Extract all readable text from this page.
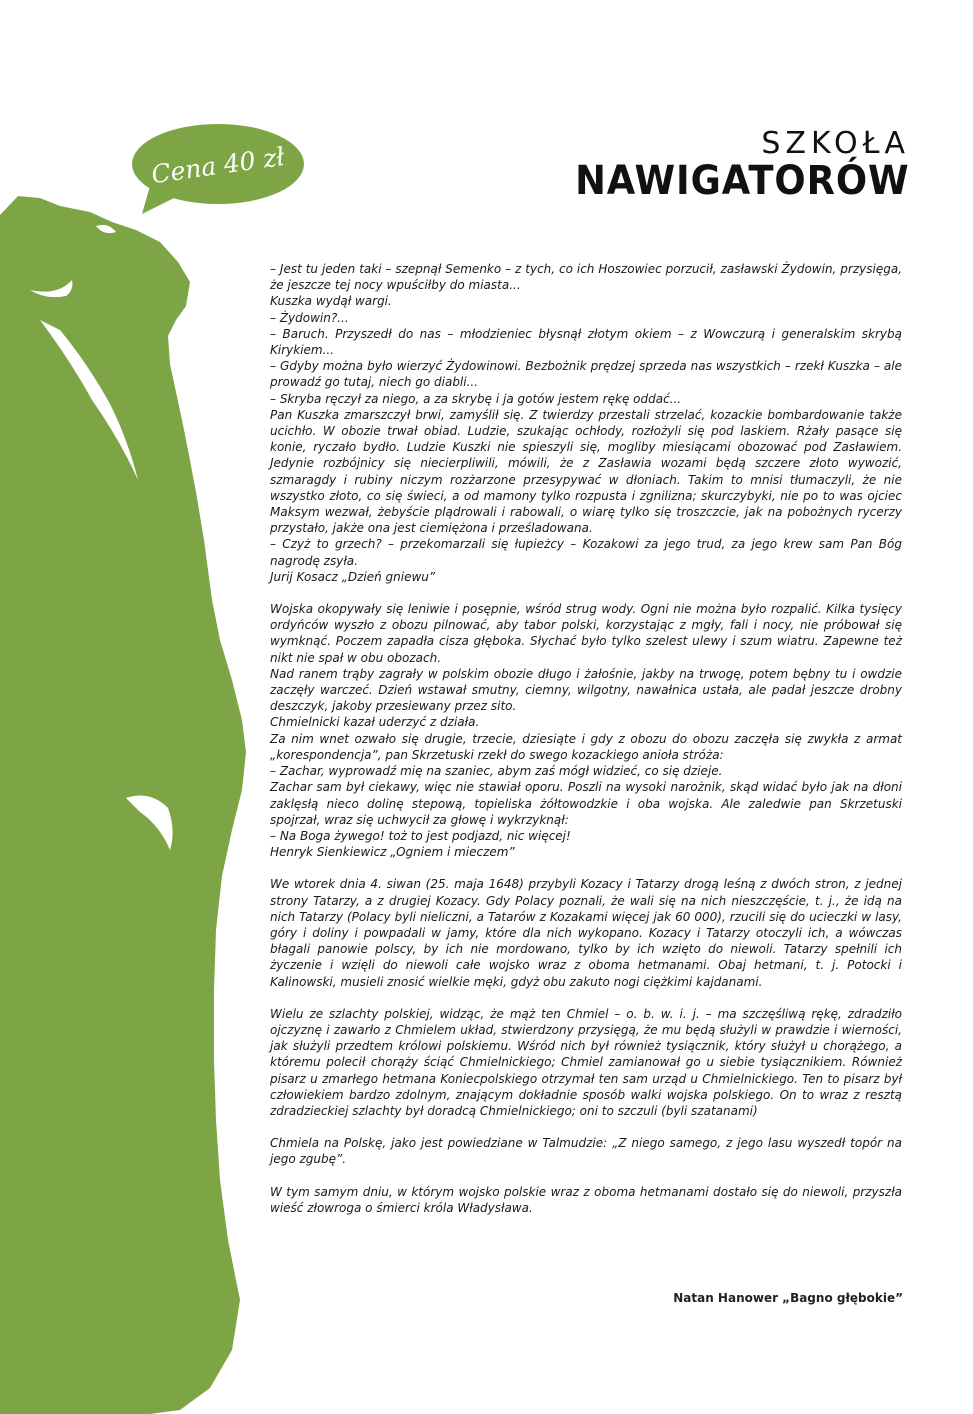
Cena 40 zł	SZKOŁA
NAWIGATORÓW

– Jest tu jeden taki – szepnął Semenko – z tych, co ich Hoszowiec porzucił, zasławski Żydowin, przysięga, że jeszcze tej nocy wpuściłby do miasta...

Kuszka wydął wargi.

– Żydowin?...

– Baruch. Przyszedł do nas – młodzieniec błysnął złotym okiem – z Wowczurą i generalskim skrybą Kirykiem...

– Gdyby można było wierzyć Żydowinowi. Bezbożnik prędzej sprzeda nas wszystkich – rzekł Kuszka – ale prowadź go tutaj, niech go diabli...

– Skryba ręczył za niego, a za skrybę i ja gotów jestem rękę oddać...

Pan Kuszka zmarszczył brwi, zamyślił się. Z twierdzy przestali strzelać, kozackie bombardowanie także ucichło. W obozie trwał obiad. Ludzie, szukając ochłody, rozłożyli się pod laskiem. Rżały pasące się konie, ryczało bydło. Ludzie Kuszki nie spieszyli się, mogliby miesiącami obozować pod Zasławiem. Jedynie rozbójnicy się niecierpliwili, mówili, że z Zasławia wozami będą szczere złoto wywozić, szmaragdy i rubiny niczym rozżarzone przesypywać w dłoniach. Takim to mnisi tłumaczyli, że nie wszystko złoto, co się świeci, a od mamony tylko rozpusta i zgnilizna; skurczybyki, nie po to was ojciec Maksym wezwał, żebyście plądrowali i rabowali, o wiarę tylko się troszczcie, jak na pobożnych rycerzy przystało, jakże ona jest ciemiężona i prześladowana.

– Czyż to grzech? – przekomarzali się łupieżcy – Kozakowi za jego trud, za jego krew sam Pan Bóg nagrodę zsyła.

Jurij Kosacz „Dzień gniewu”

Wojska okopywały się leniwie i posępnie, wśród strug wody. Ogni nie można było rozpalić. Kilka tysięcy ordyńców wyszło z obozu pilnować, aby tabor polski, korzystając z mgły, fali i nocy, nie próbował się wymknąć. Poczem zapadła cisza głęboka. Słychać było tylko szelest ulewy i szum wiatru. Zapewne też nikt nie spał w obu obozach.

Nad ranem trąby zagrały w polskim obozie długo i żałośnie, jakby na trwogę, potem bębny tu i owdzie zaczęły warczeć. Dzień wstawał smutny, ciemny, wilgotny, nawałnica ustała, ale padał jeszcze drobny deszczyk, jakoby przesiewany przez sito.

Chmielnicki kazał uderzyć z działa.

Za nim wnet ozwało się drugie, trzecie, dziesiąte i gdy z obozu do obozu zaczęła się zwykła z armat „korespondencja”, pan Skrzetuski rzekł do swego kozackiego anioła stróża:

– Zachar, wyprowadź mię na szaniec, abym zaś mógł widzieć, co się dzieje.

Zachar sam był ciekawy, więc nie stawiał oporu. Poszli na wysoki narożnik, skąd widać było jak na dłoni zaklęsłą nieco dolinę stepową, topieliska żółtowodzkie i oba wojska. Ale zaledwie pan Skrzetuski spojrzał, wraz się uchwycił za głowę i wykrzyknął:

– Na Boga żywego! toż to jest podjazd, nic więcej!

Henryk Sienkiewicz „Ogniem i mieczem”

We wtorek dnia 4. siwan (25. maja 1648) przybyli Kozacy i Tatarzy drogą leśną z dwóch stron, z jednej strony Tatarzy, a z drugiej Kozacy. Gdy Polacy poznali, że wali się na nich nieszczęście, t. j., że idą na nich Tatarzy (Polacy byli nieliczni, a Tatarów z Kozakami więcej jak 60 000), rzucili się do ucieczki w lasy, góry i doliny i powpadali w jamy, które dla nich wykopano. Kozacy i Tatarzy otoczyli ich, a wówczas błagali panowie polscy, by ich nie mordowano, tylko by ich wzięto do niewoli. Tatarzy spełnili ich życzenie i wzięli do niewoli całe wojsko wraz z oboma hetmanami. Obaj hetmani, t. j. Potocki i Kalinowski, musieli znosić wielkie męki, gdyż obu zakuto nogi ciężkimi kajdanami.

Wielu ze szlachty polskiej, widząc, że mąż ten Chmiel – o. b. w. i. j. – ma szczęśliwą rękę, zdradziło ojczyznę i zawarło z Chmielem układ, stwierdzony przysięgą, że mu będą służyli w prawdzie i wierności, jak służyli przedtem królowi polskiemu. Wśród nich był również tysiącznik, który służył u chorążego, a któremu polecił chorąży ściąć Chmielnickiego; Chmiel zamianował go u siebie tysiącznikiem. Również pisarz u zmarłego hetmana Koniecpolskiego otrzymał ten sam urząd u Chmielnickiego. Ten to pisarz był człowiekiem bardzo zdolnym, znającym dokładnie sposób walki wojska polskiego. On to wraz z resztą zdradzieckiej szlachty był doradcą Chmielnickiego; oni to szczuli (byli szatanami)

Chmiela na Polskę, jako jest powiedziane w Talmudzie: „Z niego samego, z jego lasu wyszedł topór na jego zgubę”.

W tym samym dniu, w którym wojsko polskie wraz z oboma hetmanami dostało się do niewoli, przyszła wieść złowroga o śmierci króla Władysława.

Natan Hanower „Bagno głębokie”
